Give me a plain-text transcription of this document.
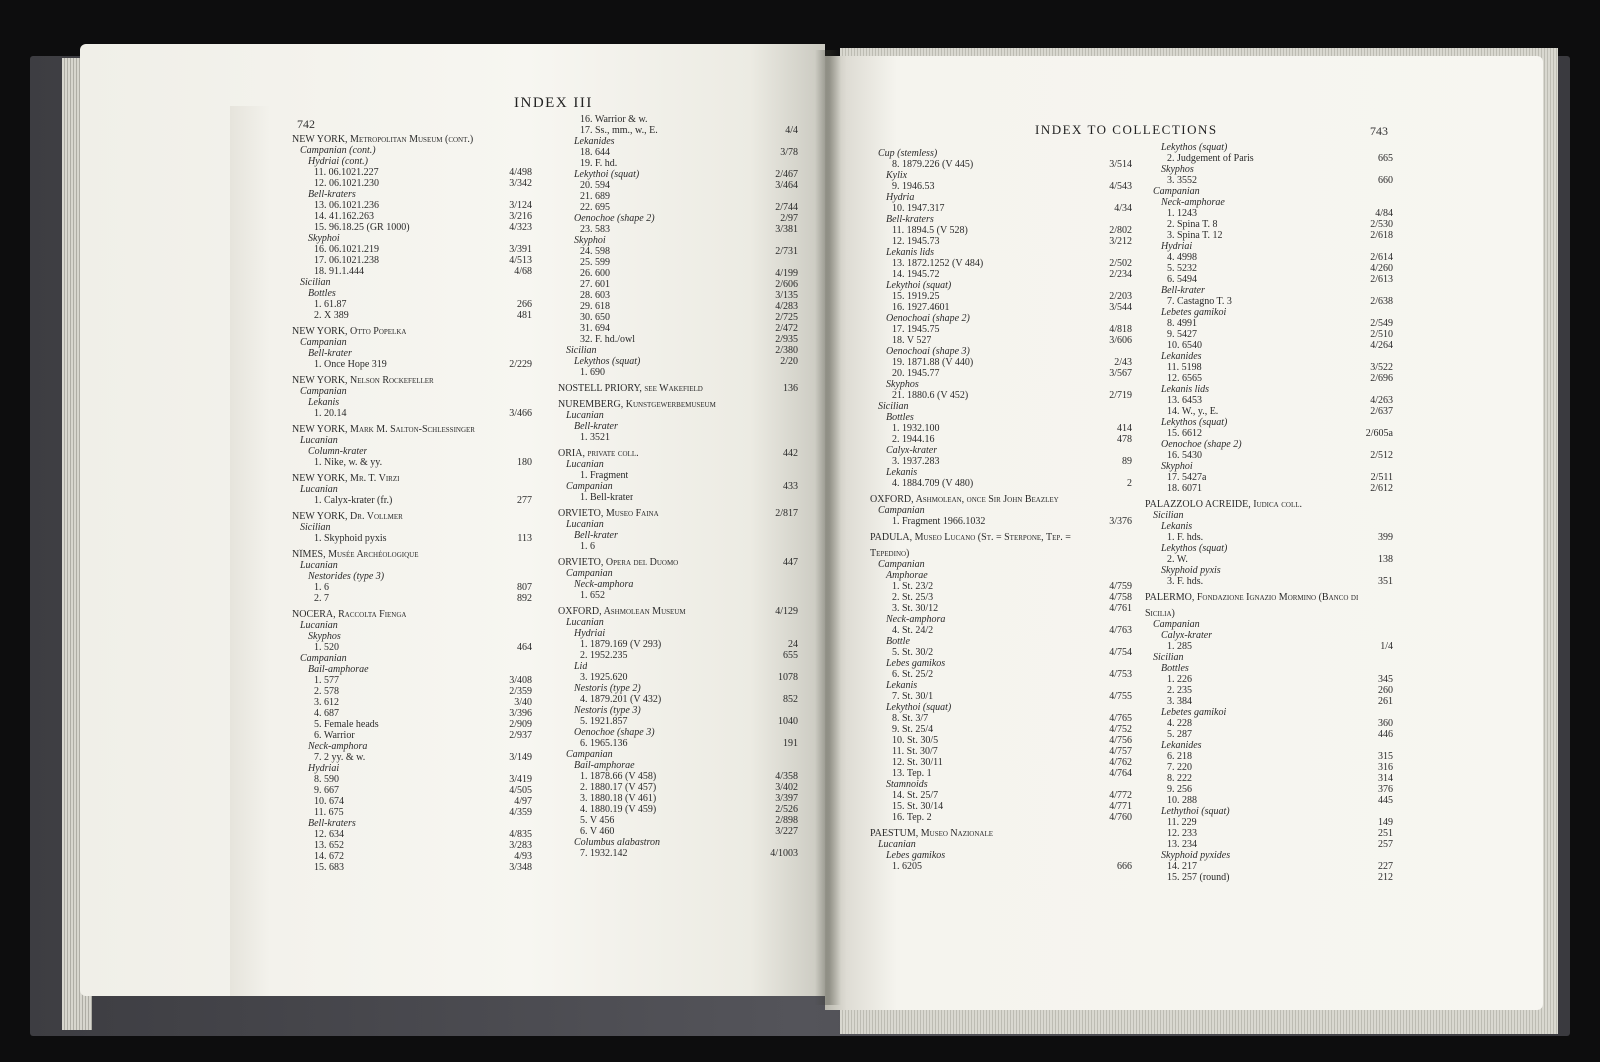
INDEX III
742
NEW YORK, Metropolitan Museum (cont.)
Campanian (cont.)
Hydriai (cont.)
11. 06.1021.227	4/498
12. 06.1021.230	3/342
Bell-kraters
13. 06.1021.236	3/124
14. 41.162.263	3/216
15. 96.18.25 (GR 1000)	4/323
Skyphoi
16. 06.1021.219	3/391
17. 06.1021.238	4/513
18. 91.1.444	4/68
Sicilian
Bottles
1. 61.87	266
2. X 389	481
NEW YORK, Otto Popelka
Campanian
Bell-krater
1. Once Hope 319	2/229
NEW YORK, Nelson Rockefeller
Campanian
Lekanis
1. 20.14	3/466
NEW YORK, Mark M. Salton-Schlessinger
Lucanian
Column-krater
1. Nike, w. & yy.	180
NEW YORK, Mr. T. Virzi
Lucanian
1. Calyx-krater (fr.)	277
NEW YORK, Dr. Vollmer
Sicilian
1. Skyphoid pyxis	113
NÎMES, Musée Archéologique
Lucanian
Nestorides (type 3)
1. 6	807
2. 7	892
NOCERA, Raccolta Fienga
Lucanian
Skyphos
1. 520	464
Campanian
Bail-amphorae
1. 577	3/408
2. 578	2/359
3. 612	3/40
4. 687	3/396
5. Female heads	2/909
6. Warrior	2/937
Neck-amphora
7. 2 yy. & w.	3/149
Hydriai
8. 590	3/419
9. 667	4/505
10. 674	4/97
11. 675	4/359
Bell-kraters
12. 634	4/835
13. 652	3/283
14. 672	4/93
15. 683	3/348
16. Warrior & w.
17. Ss., mm., w., E.	4/4
Lekanides
18. 644	3/78
19. F. hd.
Lekythoi (squat)	2/467
20. 594	3/464
21. 689
22. 695	2/744
Oenochoe (shape 2)	2/97
23. 583	3/381
Skyphoi
24. 598	2/731
25. 599
26. 600	4/199
27. 601	2/606
28. 603	3/135
29. 618	4/283
30. 650	2/725
31. 694	2/472
32. F. hd./owl	2/935
Sicilian	2/380
Lekythos (squat)	2/20
1. 690
NOSTELL PRIORY, see Wakefield	136
NUREMBERG, Kunstgewerbemuseum
Lucanian
Bell-krater
1. 3521
ORIA, private coll.	442
Lucanian
1. Fragment
Campanian	433
1. Bell-krater
ORVIETO, Museo Faina	2/817
Lucanian
Bell-krater
1. 6
ORVIETO, Opera del Duomo	447
Campanian
Neck-amphora
1. 652
OXFORD, Ashmolean Museum	4/129
Lucanian
Hydriai
1. 1879.169 (V 293)	24
2. 1952.235	655
Lid
3. 1925.620	1078
Nestoris (type 2)
4. 1879.201 (V 432)	852
Nestoris (type 3)
5. 1921.857	1040
Oenochoe (shape 3)
6. 1965.136	191
Campanian
Bail-amphorae
1. 1878.66 (V 458)	4/358
2. 1880.17 (V 457)	3/402
3. 1880.18 (V 461)	3/397
4. 1880.19 (V 459)	2/526
5. V 456	2/898
6. V 460	3/227
Columbus alabastron
7. 1932.142	4/1003
INDEX TO COLLECTIONS	743
Cup (stemless)
8. 1879.226 (V 445)	3/514
Kylix
9. 1946.53	4/543
Hydria
10. 1947.317	4/34
Bell-kraters
11. 1894.5 (V 528)	2/802
12. 1945.73	3/212
Lekanis lids
13. 1872.1252 (V 484)	2/502
14. 1945.72	2/234
Lekythoi (squat)
15. 1919.25	2/203
16. 1927.4601	3/544
Oenochoai (shape 2)
17. 1945.75	4/818
18. V 527	3/606
Oenochoai (shape 3)
19. 1871.88 (V 440)	2/43
20. 1945.77	3/567
Skyphos
21. 1880.6 (V 452)	2/719
Sicilian
Bottles
1. 1932.100	414
2. 1944.16	478
Calyx-krater
3. 1937.283	89
Lekanis
4. 1884.709 (V 480)	2
OXFORD, Ashmolean, once Sir John Beazley
Campanian
1. Fragment 1966.1032	3/376
PADULA, Museo Lucano (St. = Sterpone, Tep. =
Tepedino)
Campanian
Amphorae
1. St. 23/2	4/759
2. St. 25/3	4/758
3. St. 30/12	4/761
Neck-amphora
4. St. 24/2	4/763
Bottle
5. St. 30/2	4/754
Lebes gamikos
6. St. 25/2	4/753
Lekanis
7. St. 30/1	4/755
Lekythoi (squat)
8. St. 3/7	4/765
9. St. 25/4	4/752
10. St. 30/5	4/756
11. St. 30/7	4/757
12. St. 30/11	4/762
13. Tep. 1	4/764
Stamnoids
14. St. 25/7	4/772
15. St. 30/14	4/771
16. Tep. 2	4/760
PAESTUM, Museo Nazionale
Lucanian
Lebes gamikos
1. 6205	666
Lekythos (squat)
2. Judgement of Paris	665
Skyphos
3. 3552	660
Campanian
Neck-amphorae
1. 1243	4/84
2. Spina T. 8	2/530
3. Spina T. 12	2/618
Hydriai
4. 4998	2/614
5. 5232	4/260
6. 5494	2/613
Bell-krater
7. Castagno T. 3	2/638
Lebetes gamikoi
8. 4991	2/549
9. 5427	2/510
10. 6540	4/264
Lekanides
11. 5198	3/522
12. 6565	2/696
Lekanis lids
13. 6453	4/263
14. W., y., E.	2/637
Lekythos (squat)
15. 6612	2/605a
Oenochoe (shape 2)
16. 5430	2/512
Skyphoi
17. 5427a	2/511
18. 6071	2/612
PALAZZOLO ACREIDE, Iudica coll.
Sicilian
Lekanis
1. F. hds.	399
Lekythos (squat)
2. W.	138
Skyphoid pyxis
3. F. hds.	351
PALERMO, Fondazione Ignazio Mormino (Banco di
Sicilia)
Campanian
Calyx-krater
1. 285	1/4
Sicilian
Bottles
1. 226	345
2. 235	260
3. 384	261
Lebetes gamikoi
4. 228	360
5. 287	446
Lekanides
6. 218	315
7. 220	316
8. 222	314
9. 256	376
10. 288	445
Lethythoi (squat)
11. 229	149
12. 233	251
13. 234	257
Skyphoid pyxides
14. 217	227
15. 257 (round)	212
